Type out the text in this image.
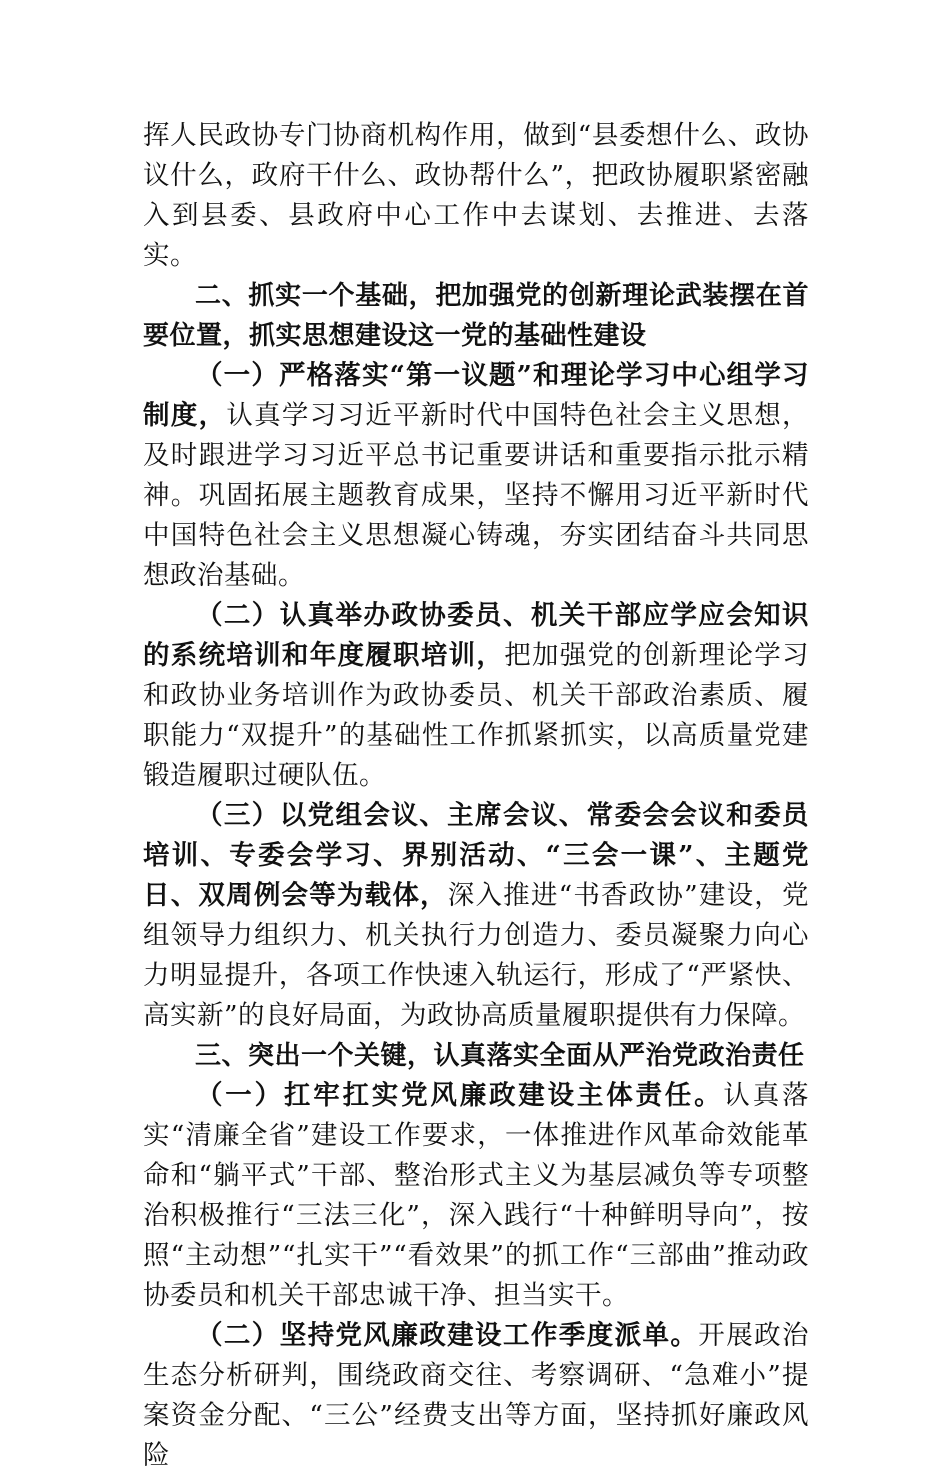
挥人民政协专门协商机构作用，做到“县委想什么、政协议什么，政府干什么、政协帮什么”，把政协履职紧密融入到县委、县政府中心工作中去谋划、去推进、去落实。

二、抓实一个基础，把加强党的创新理论武装摆在首要位置，抓实思想建设这一党的基础性建设

（一）严格落实“第一议题”和理论学习中心组学习制度，认真学习习近平新时代中国特色社会主义思想，及时跟进学习习近平总书记重要讲话和重要指示批示精神。巩固拓展主题教育成果，坚持不懈用习近平新时代中国特色社会主义思想凝心铸魂，夯实团结奋斗共同思想政治基础。

（二）认真举办政协委员、机关干部应学应会知识的系统培训和年度履职培训，把加强党的创新理论学习和政协业务培训作为政协委员、机关干部政治素质、履职能力“双提升”的基础性工作抓紧抓实，以高质量党建锻造履职过硬队伍。

（三）以党组会议、主席会议、常委会会议和委员培训、专委会学习、界别活动、“三会一课”、主题党日、双周例会等为载体，深入推进“书香政协”建设，党组领导力组织力、机关执行力创造力、委员凝聚力向心力明显提升，各项工作快速入轨运行，形成了“严紧快、高实新”的良好局面，为政协高质量履职提供有力保障。

三、突出一个关键，认真落实全面从严治党政治责任

（一）扛牢扛实党风廉政建设主体责任。认真落实“清廉全省”建设工作要求，一体推进作风革命效能革命和“躺平式”干部、整治形式主义为基层减负等专项整治积极推行“三法三化”，深入践行“十种鲜明导向”，按照“主动想”“扎实干”“看效果”的抓工作“三部曲”推动政协委员和机关干部忠诚干净、担当实干。

（二）坚持党风廉政建设工作季度派单。开展政治生态分析研判，围绕政商交往、考察调研、“急难小”提案资金分配、“三公”经费支出等方面，坚持抓好廉政风险
